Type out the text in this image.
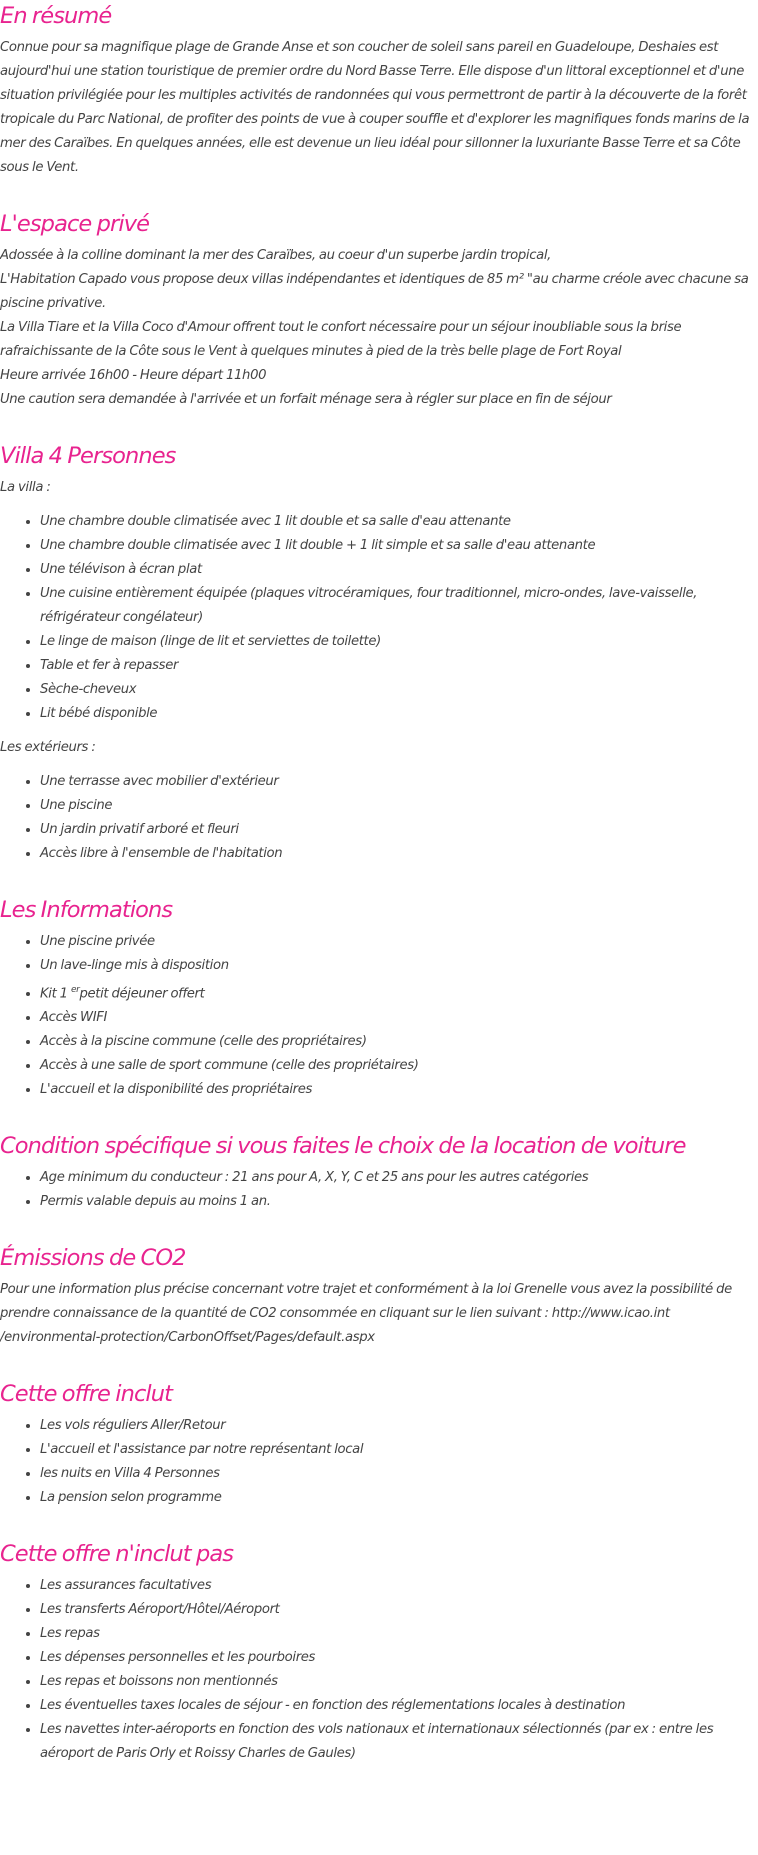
En résumé

Connue pour sa magnifique plage de Grande Anse et son coucher de soleil sans pareil en Guadeloupe, Deshaies est aujourd'hui une station touristique de premier ordre du Nord Basse Terre. Elle dispose d'un littoral exceptionnel et d'une situation privilégiée pour les multiples activités de randonnées qui vous permettront de partir à la découverte de la forêt tropicale du Parc National, de profiter des points de vue à couper souffle et d'explorer les magnifiques fonds marins de la mer des Caraïbes. En quelques années, elle est devenue un lieu idéal pour sillonner la luxuriante Basse Terre et sa Côte sous le Vent.

L'espace privé

Adossée à la colline dominant la mer des Caraïbes, au coeur d'un superbe jardin tropical,
L'Habitation Capado vous propose deux villas indépendantes et identiques de 85 m² "au charme créole avec chacune sa piscine privative.
La Villa Tiare et la Villa Coco d'Amour offrent tout le confort nécessaire pour un séjour inoubliable sous la brise rafraichissante de la Côte sous le Vent à quelques minutes à pied de la très belle plage de Fort Royal
Heure arrivée 16h00 - Heure départ 11h00
Une caution sera demandée à l'arrivée et un forfait ménage sera à régler sur place en fin de séjour

Villa 4 Personnes

La villa :

• Une chambre double climatisée avec 1 lit double et sa salle d'eau attenante
• Une chambre double climatisée avec 1 lit double + 1 lit simple et sa salle d'eau attenante
• Une télévison à écran plat
• Une cuisine entièrement équipée (plaques vitrocéramiques, four traditionnel, micro-ondes, lave-vaisselle, réfrigérateur congélateur)
• Le linge de maison (linge de lit et serviettes de toilette)
• Table et fer à repasser
• Sèche-cheveux
• Lit bébé disponible

Les extérieurs :

• Une terrasse avec mobilier d'extérieur
• Une piscine
• Un jardin privatif arboré et fleuri
• Accès libre à l'ensemble de l'habitation
Les Informations
• Une piscine privée
• Un lave-linge mis à disposition
• Kit 1 $^{er}$petit déjeuner offert
• Accès WIFI
• Accès à la piscine commune (celle des propriétaires)
• Accès à une salle de sport commune (celle des propriétaires)
• L'accueil et la disponibilité des propriétaires
Condition spécifique si vous faites le choix de la location de voiture
• Age minimum du conducteur : 21 ans pour A, X, Y, C et 25 ans pour les autres catégories
• Permis valable depuis au moins 1 an.
Émissions de CO2

Pour une information plus précise concernant votre trajet et conformément à la loi Grenelle vous avez la possibilité de prendre connaissance de la quantité de CO2 consommée en cliquant sur le lien suivant : http://www.icao.int /environmental-protection/CarbonOffset/Pages/default.aspx

Cette offre inclut
• Les vols réguliers Aller/Retour
• L'accueil et l'assistance par notre représentant local
• les nuits en Villa 4 Personnes
• La pension selon programme
Cette offre n'inclut pas
• Les assurances facultatives
• Les transferts Aéroport/Hôtel/Aéroport
• Les repas
• Les dépenses personnelles et les pourboires
• Les repas et boissons non mentionnés
• Les éventuelles taxes locales de séjour - en fonction des réglementations locales à destination
• Les navettes inter-aéroports en fonction des vols nationaux et internationaux sélectionnés (par ex : entre les aéroport de Paris Orly et Roissy Charles de Gaules)
